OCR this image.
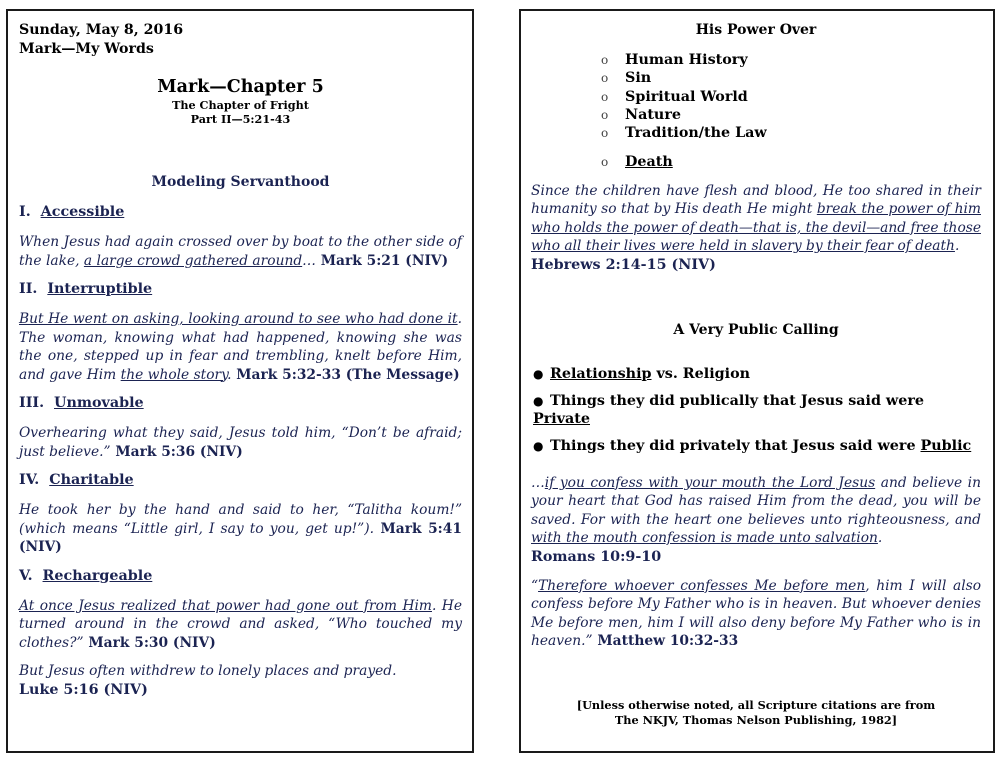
Sunday, May 8, 2016
Mark—My Words
Mark—Chapter 5
The Chapter of Fright
Part II—5:21-43
Modeling Servanthood
I. Accessible

When Jesus had again crossed over by boat to the other side of the lake, a large crowd gathered around… Mark 5:21 (NIV)

II. Interruptible

But He went on asking, looking around to see who had done it. The woman, knowing what had happened, knowing she was the one, stepped up in fear and trembling, knelt before Him, and gave Him the whole story. Mark 5:32-33 (The Message)

III. Unmovable

Overhearing what they said, Jesus told him, “Don’t be afraid; just believe.” Mark 5:36 (NIV)

IV. Charitable

He took her by the hand and said to her, “Talitha koum!” (which means “Little girl, I say to you, get up!”). Mark 5:41 (NIV)

V. Rechargeable

At once Jesus realized that power had gone out from Him. He turned around in the crowd and asked, “Who touched my clothes?” Mark 5:30 (NIV)

But Jesus often withdrew to lonely places and prayed.

Luke 5:16 (NIV)
His Power Over
o Human History
o Sin
o Spiritual World
o Nature
o Tradition/the Law
o Death

Since the children have flesh and blood, He too shared in their humanity so that by His death He might break the power of him who holds the power of death—that is, the devil—and free those who all their lives were held in slavery by their fear of death.

Hebrews 2:14-15 (NIV)
A Very Public Calling
● Relationship vs. Religion
● Things they did publically that Jesus said were Private
● Things they did privately that Jesus said were Public

…if you confess with your mouth the Lord Jesus and believe in your heart that God has raised Him from the dead, you will be saved. For with the heart one believes unto righteousness, and with the mouth confession is made unto salvation.

Romans 10:9-10

“Therefore whoever confesses Me before men, him I will also confess before My Father who is in heaven. But whoever denies Me before men, him I will also deny before My Father who is in heaven.” Matthew 10:32-33

[Unless otherwise noted, all Scripture citations are from
The NKJV, Thomas Nelson Publishing, 1982]
